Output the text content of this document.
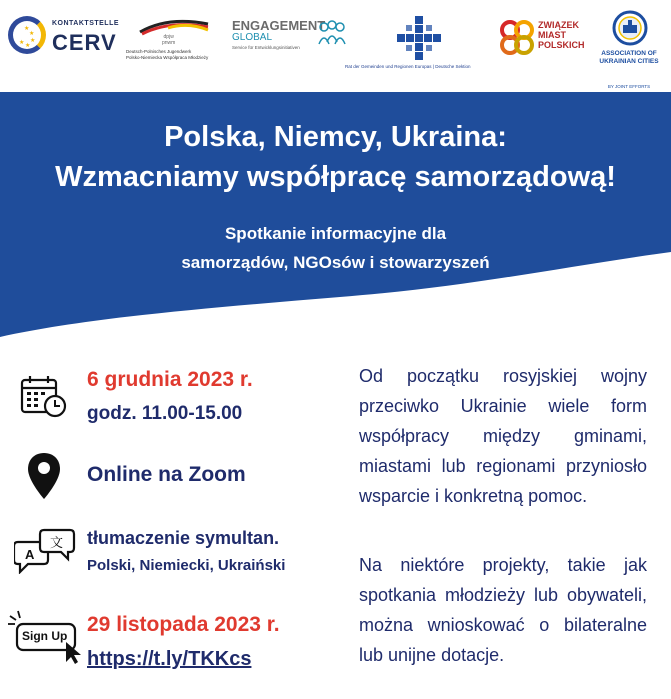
★
★
★
★
★
KONTAKTSTELLE
CERV	dpjw
pnwm
Deutsch-Polnisches Jugendwerk
Polsko-Niemiecka Współpraca Młodzieży
ENGAGEMENT
GLOBAL
Service für Entwicklungsinitiativen
Rat der Gemeinden und Regionen Europas | Deutsche Sektion
ZWIĄZEK
MIAST
POLSKICH
ASSOCIATION OF
UKRAINIAN CITIES
BY JOINT EFFORTS
Polska, Niemcy, Ukraina:
Wzmacniamy współpracę samorządową!
Spotkanie informacyjne dla
samorządów, NGOsów i stowarzyszeń
6 grudnia 2023 r.
godz. 11.00-15.00
Online na Zoom
A
文 tłumaczenie symultan.
Polski, Niemiecki, Ukraiński
Sign Up 29 listopada 2023 r.
https://t.ly/TKKcs
Od początku rosyjskiej wojny przeciwko Ukrainie wiele form współpracy między gminami, miastami lub regionami przyniosło wsparcie i konkretną pomoc.
Na niektóre projekty, takie jak spotkania młodzieży lub obywateli, można wnioskować o bilateralne lub unijne dotacje.
